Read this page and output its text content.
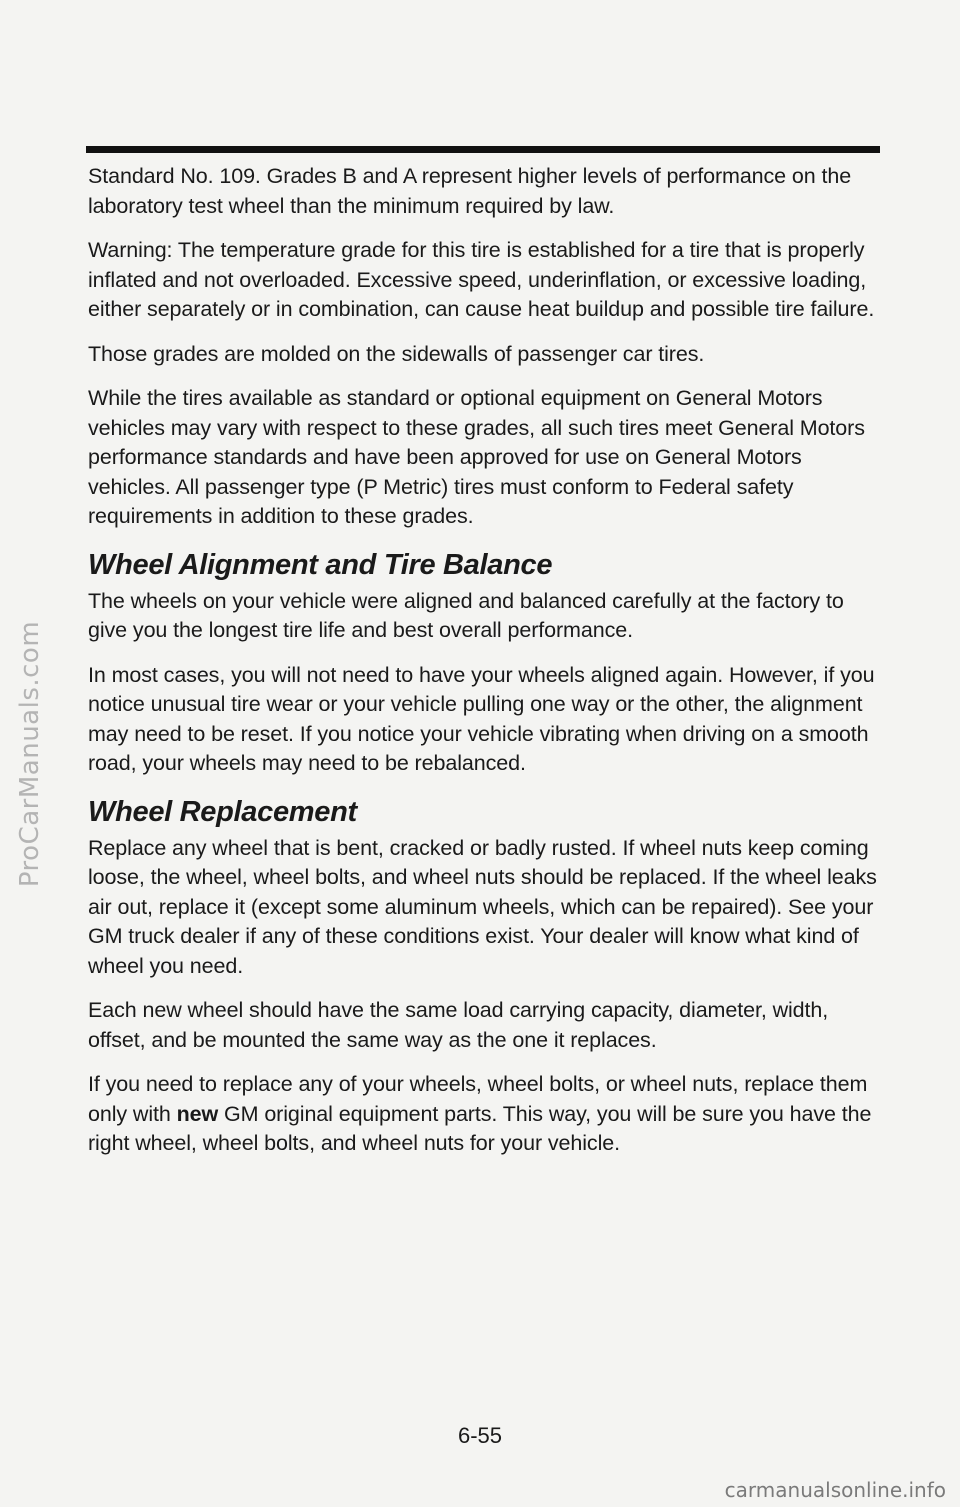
ProCarManuals.com

Standard No. 109. Grades B and A represent higher levels of performance on the laboratory test wheel than the minimum required by law.

Warning: The temperature grade for this tire is established for a tire that is properly inflated and not overloaded. Excessive speed, underinflation, or excessive loading, either separately or in combination, can cause heat buildup and possible tire failure.

Those grades are molded on the sidewalls of passenger car tires.

While the tires available as standard or optional equipment on General Motors vehicles may vary with respect to these grades, all such tires meet General Motors performance standards and have been approved for use on General Motors vehicles. All passenger type (P Metric) tires must conform to Federal safety requirements in addition to these grades.

Wheel Alignment and Tire Balance

The wheels on your vehicle were aligned and balanced carefully at the factory to give you the longest tire life and best overall performance.

In most cases, you will not need to have your wheels aligned again. However, if you notice unusual tire wear or your vehicle pulling one way or the other, the alignment may need to be reset. If you notice your vehicle vibrating when driving on a smooth road, your wheels may need to be rebalanced.

Wheel Replacement

Replace any wheel that is bent, cracked or badly rusted. If wheel nuts keep coming loose, the wheel, wheel bolts, and wheel nuts should be replaced. If the wheel leaks air out, replace it (except some aluminum wheels, which can be repaired). See your GM truck dealer if any of these conditions exist. Your dealer will know what kind of wheel you need.

Each new wheel should have the same load carrying capacity, diameter, width, offset, and be mounted the same way as the one it replaces.

If you need to replace any of your wheels, wheel bolts, or wheel nuts, replace them only with new GM original equipment parts. This way, you will be sure you have the right wheel, wheel bolts, and wheel nuts for your vehicle.

6-55
carmanualsonline.info
